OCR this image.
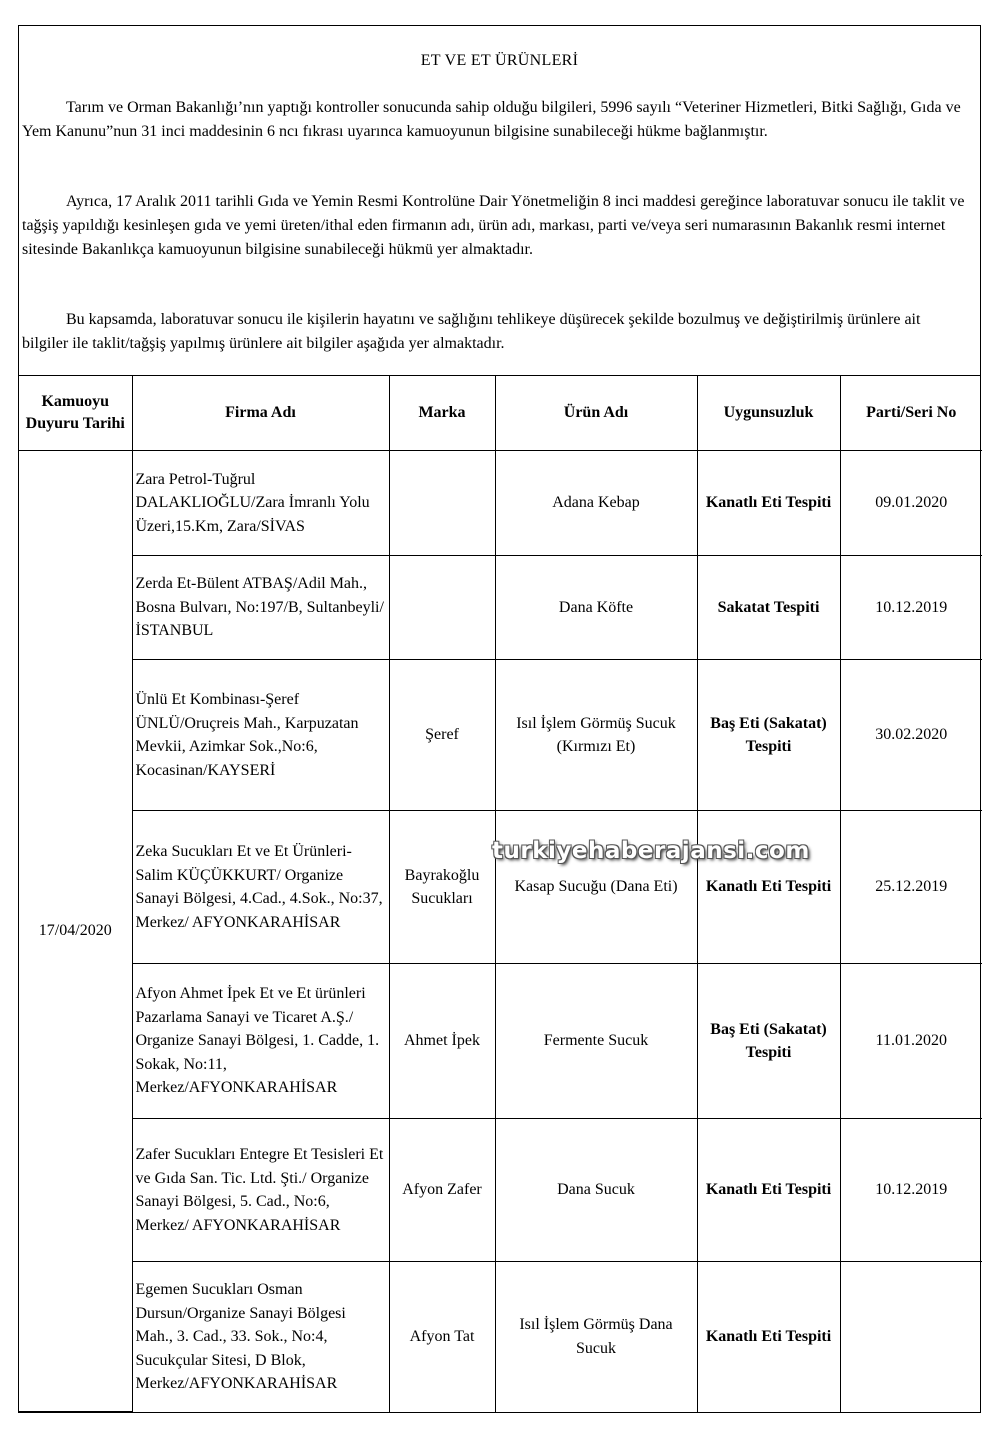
ET VE ET ÜRÜNLERİ

Tarım ve Orman Bakanlığı’nın yaptığı kontroller sonucunda sahip olduğu bilgileri, 5996 sayılı “Veteriner Hizmetleri, Bitki Sağlığı, Gıda ve Yem Kanunu”nun 31 inci maddesinin 6 ncı fıkrası uyarınca kamuoyunun bilgisine sunabileceği hükme bağlanmıştır.

Ayrıca, 17 Aralık 2011 tarihli Gıda ve Yemin Resmi Kontrolüne Dair Yönetmeliğin 8 inci maddesi gereğince laboratuvar sonucu ile taklit ve tağşiş yapıldığı kesinleşen gıda ve yemi üreten/ithal eden firmanın adı, ürün adı, markası, parti ve/veya seri numarasının Bakanlık resmi internet sitesinde Bakanlıkça kamuoyunun bilgisine sunabileceği hükmü yer almaktadır.

Bu kapsamda, laboratuvar sonucu ile kişilerin hayatını ve sağlığını tehlikeye düşürecek şekilde bozulmuş ve değiştirilmiş ürünlere ait bilgiler ile taklit/tağşiş yapılmış ürünlere ait bilgiler aşağıda yer almaktadır.

Kamuoyu Duyuru Tarihi	Firma Adı	Marka	Ürün Adı	Uygunsuzluk	Parti/Seri No
17/04/2020	Zara Petrol-Tuğrul DALAKLIOĞLU/Zara İmranlı Yolu Üzeri,15.Km, Zara/SİVAS		Adana Kebap	Kanatlı Eti Tespiti	09.01.2020
	Zerda Et-Bülent ATBAŞ/Adil Mah., Bosna Bulvarı, No:197/B, Sultanbeyli/İSTANBUL		Dana Köfte	Sakatat Tespiti	10.12.2019
	Ünlü Et Kombinası-Şeref ÜNLÜ/Oruçreis Mah., Karpuzatan Mevkii, Azimkar Sok.,No:6, Kocasinan/KAYSERİ	Şeref	Isıl İşlem Görmüş Sucuk (Kırmızı Et)	Baş Eti (Sakatat) Tespiti	30.02.2020
	Zeka Sucukları Et ve Et Ürünleri-Salim KÜÇÜKKURT/ Organize Sanayi Bölgesi, 4.Cad., 4.Sok., No:37, Merkez/ AFYONKARAHİSAR	Bayrakoğlu Sucukları	Kasap Sucuğu (Dana Eti)	Kanatlı Eti Tespiti	25.12.2019
	Afyon Ahmet İpek Et ve Et ürünleri Pazarlama Sanayi ve Ticaret A.Ş./ Organize Sanayi Bölgesi, 1. Cadde, 1. Sokak, No:11, Merkez/AFYONKARAHİSAR	Ahmet İpek	Fermente Sucuk	Baş Eti (Sakatat) Tespiti	11.01.2020
	Zafer Sucukları Entegre Et Tesisleri Et ve Gıda San. Tic. Ltd. Şti./ Organize Sanayi Bölgesi, 5. Cad., No:6, Merkez/ AFYONKARAHİSAR	Afyon Zafer	Dana Sucuk	Kanatlı Eti Tespiti	10.12.2019
	Egemen Sucukları Osman Dursun/Organize Sanayi Bölgesi Mah., 3. Cad., 33. Sok., No:4, Sucukçular Sitesi, D Blok, Merkez/AFYONKARAHİSAR	Afyon Tat	Isıl İşlem Görmüş Dana Sucuk	Kanatlı Eti Tespiti	
turkiyehaberajansi.com
